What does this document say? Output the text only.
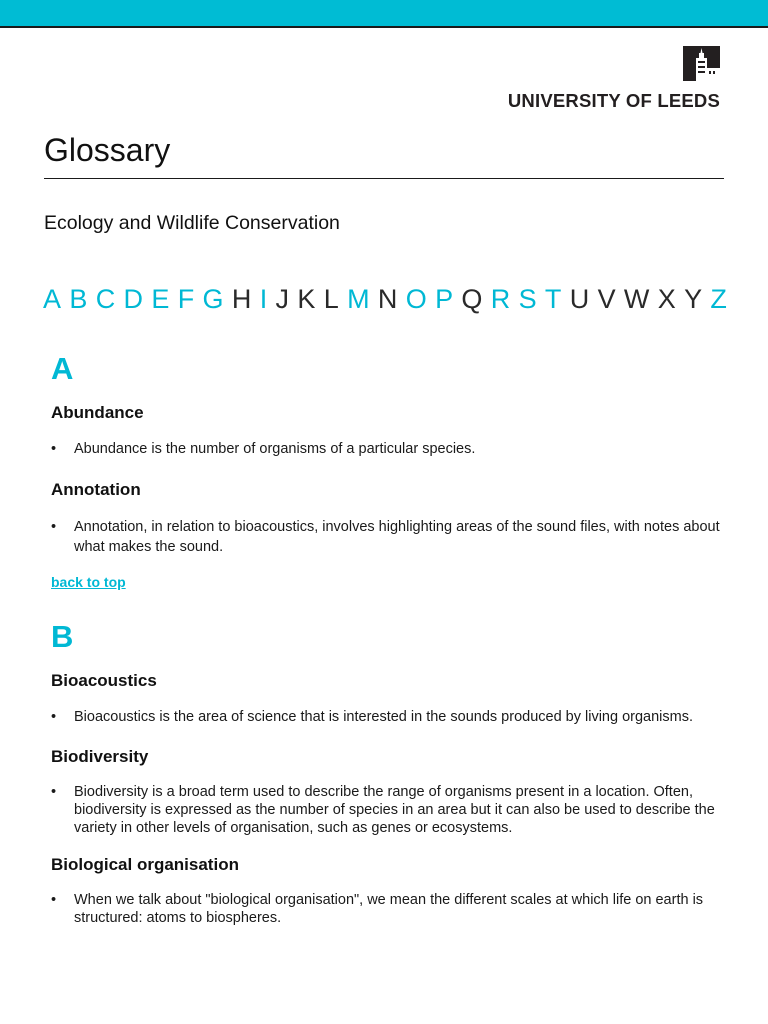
UNIVERSITY OF LEEDS
Glossary
Ecology and Wildlife Conservation
A B C D E F G H I J K L M N O P Q R S T U V W X Y Z
A
Abundance
• Abundance is the number of organisms of a particular species.
Annotation
• Annotation, in relation to bioacoustics, involves highlighting areas of the sound files, with notes about what makes the sound.
back to top
B
Bioacoustics
• Bioacoustics is the area of science that is interested in the sounds produced by living organisms.
Biodiversity
• Biodiversity is a broad term used to describe the range of organisms present in a location. Often, biodiversity is expressed as the number of species in an area but it can also be used to describe the variety in other levels of organisation, such as genes or ecosystems.
Biological organisation
• When we talk about "biological organisation", we mean the different scales at which life on earth is structured: atoms to biospheres.
